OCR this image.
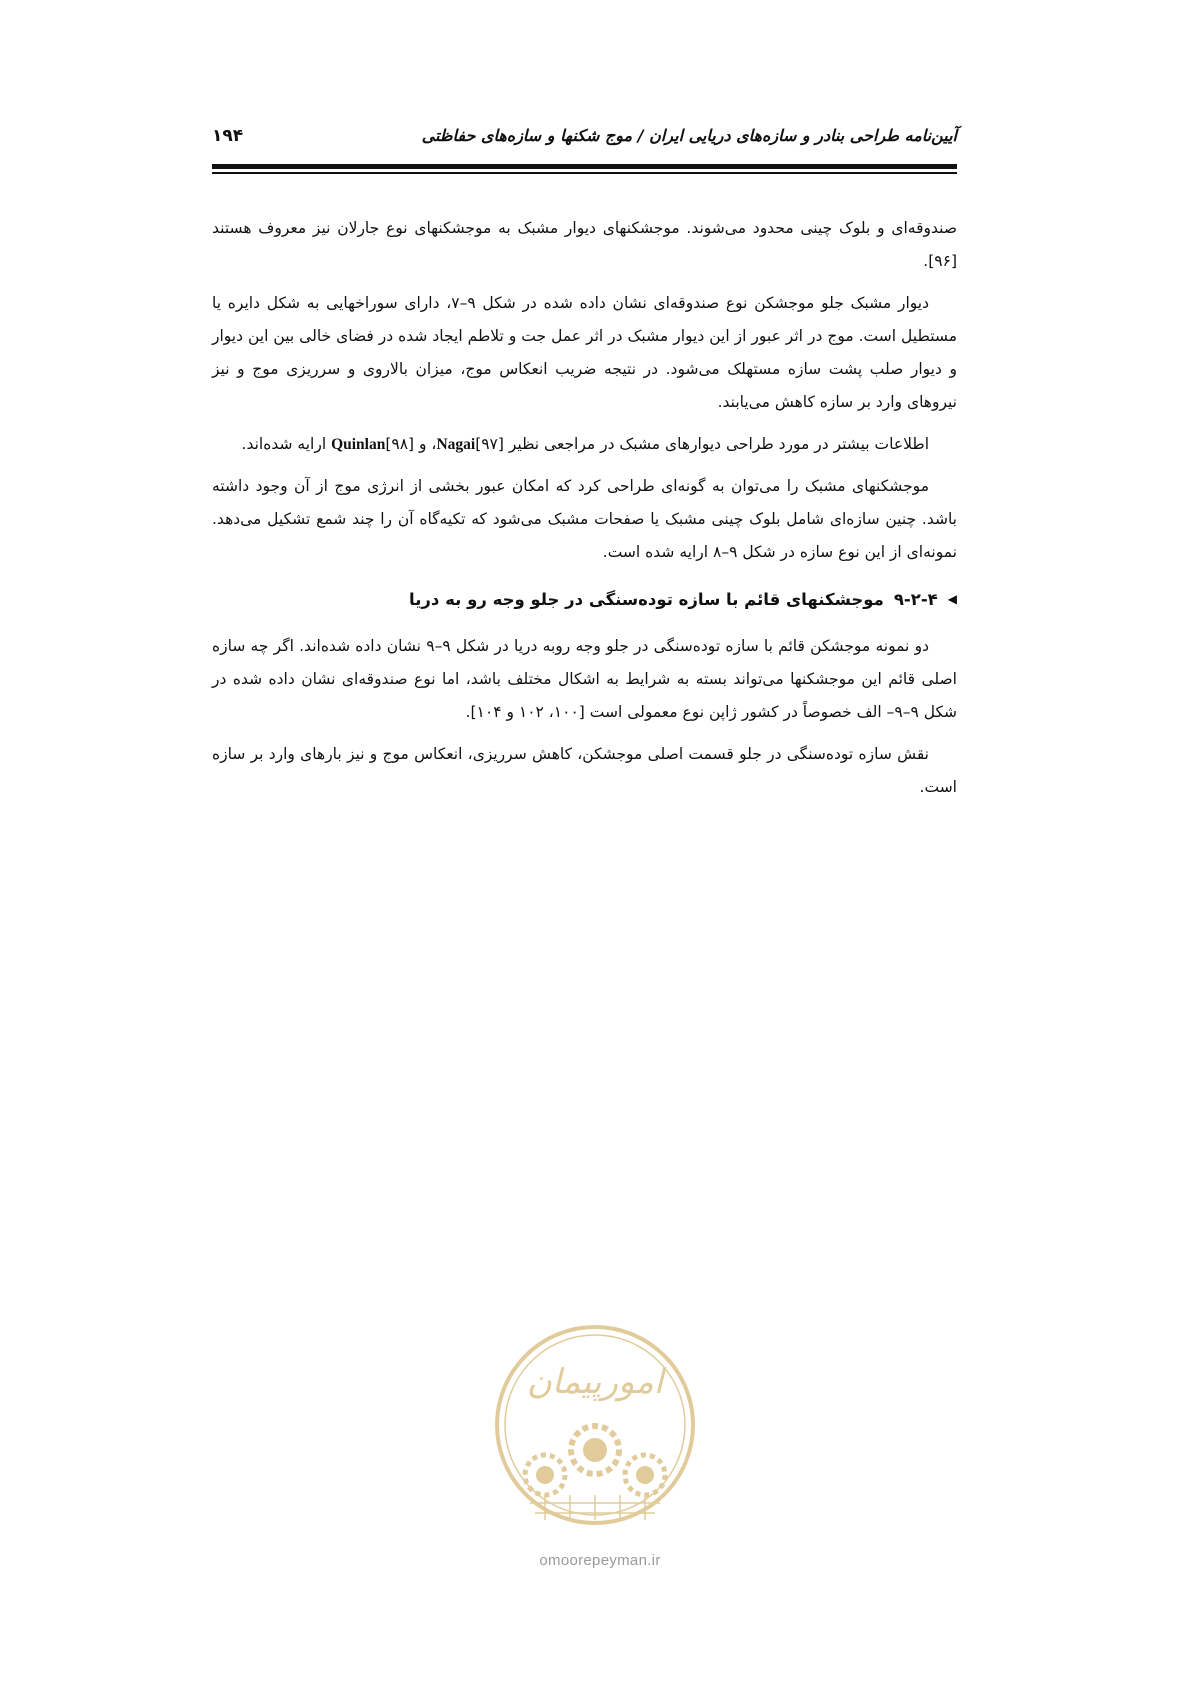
آیین‌نامه طراحی بنادر و سازه‌های دریایی ایران / موج شکنها و سازه‌های حفاظتی
۱۹۴

صندوقه‌ای و بلوک چینی محدود می‌شوند. موجشکنهای دیوار مشبک به موجشکنهای نوع جارلان نیز معروف هستند [۹۶].

دیوار مشبک جلو موجشکن نوع صندوقه‌ای نشان داده شده در شکل ۹–۷، دارای سوراخهایی به شکل دایره یا مستطیل است. موج در اثر عبور از این دیوار مشبک در اثر عمل جت و تلاطم ایجاد شده در فضای خالی بین این دیوار و دیوار صلب پشت سازه مستهلک می‌شود. در نتیجه ضریب انعکاس موج، میزان بالاروی و سرریزی موج و نیز نیروهای وارد بر سازه کاهش می‌یابند.

اطلاعات بیشتر در مورد طراحی دیوارهای مشبک در مراجعی نظیر Nagai[۹۷]، و Quinlan[۹۸] ارایه شده‌اند.

موجشکنهای مشبک را می‌توان به گونه‌ای طراحی کرد که امکان عبور بخشی از انرژی موج از آن وجود داشته باشد. چنین سازه‌ای شامل بلوک چینی مشبک یا صفحات مشبک می‌شود که تکیه‌گاه آن را چند شمع تشکیل می‌دهد. نمونه‌ای از این نوع سازه در شکل ۹–۸ ارایه شده است.

◀
۹-۲-۴
موجشکنهای قائم با سازه توده‌سنگی در جلو وجه رو به دریا

دو نمونه موجشکن قائم با سازه توده‌سنگی در جلو وجه روبه دریا در شکل ۹–۹ نشان داده شده‌اند. اگر چه سازه اصلی قائم این موجشکنها می‌تواند بسته به شرایط به اشکال مختلف باشد، اما نوع صندوقه‌ای نشان داده شده در شکل ۹–۹– الف خصوصاً در کشور ژاپن نوع معمولی است [۱۰۰، ۱۰۲ و ۱۰۴].

نقش سازه توده‌سنگی در جلو قسمت اصلی موجشکن، کاهش سرریزی، انعکاس موج و نیز بارهای وارد بر سازه است.

امورپیمان
omoorepeyman.ir
